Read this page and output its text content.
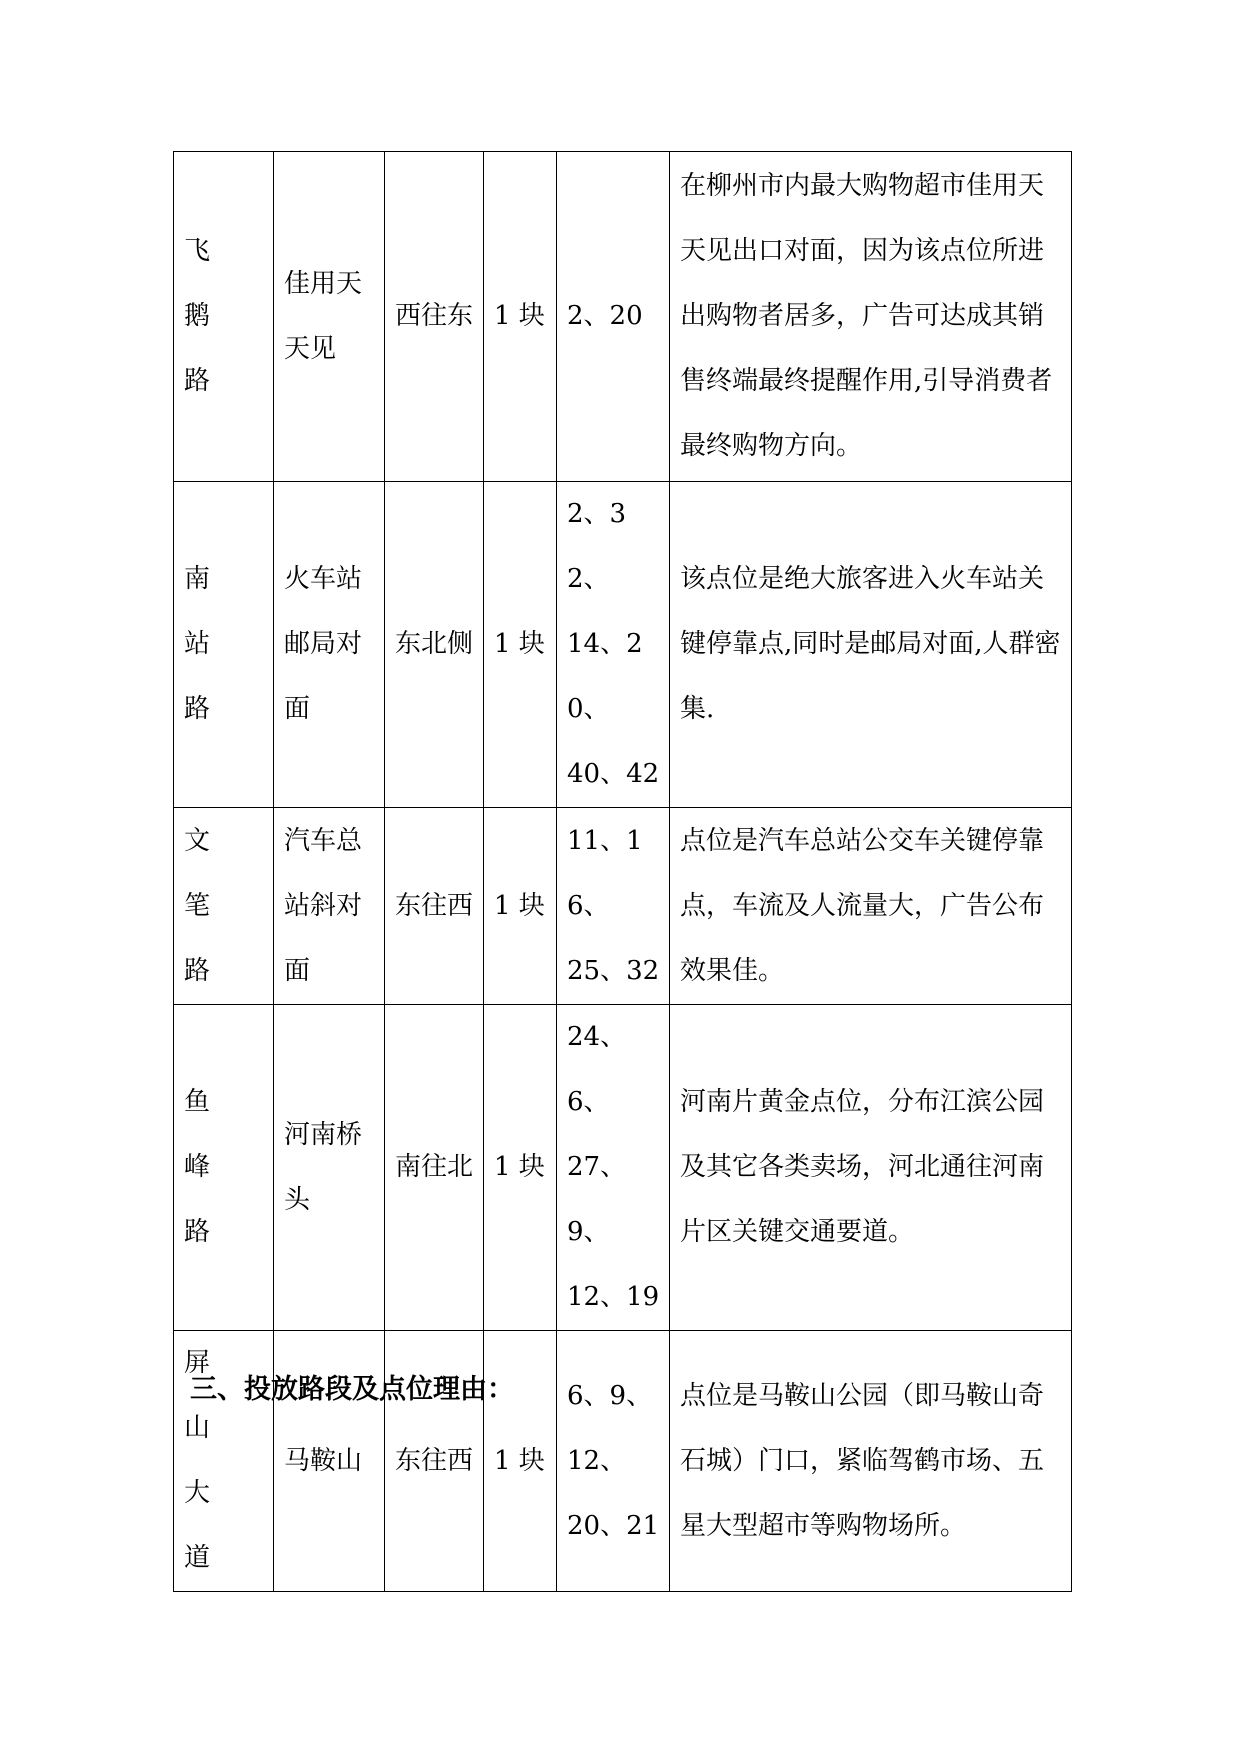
飞鹅路	佳用天天见	西往东	1 块	2、20	在柳州市内最大购物超市佳用天天见出口对面，因为该点位所进出购物者居多，广告可达成其销售终端最终提醒作用,引导消费者最终购物方向。
南站路	火车站邮局对面	东北侧	1 块	2、32、
14、20、
40、42	该点位是绝大旅客进入火车站关键停靠点,同时是邮局对面,人群密集.
文笔路	汽车总站斜对面	东往西	1 块	11、16、
25、32	点位是汽车总站公交车关键停靠点，车流及人流量大，广告公布效果佳。
鱼峰路	河南桥头	南往北	1 块	24、6、
27、9、
12、19	河南片黄金点位，分布江滨公园及其它各类卖场，河北通往河南片区关键交通要道。
屏山大道	马鞍山	东往西	1 块	6、9、12、
20、21	点位是马鞍山公园（即马鞍山奇石城）门口，紧临驾鹤市场、五星大型超市等购物场所。
三、投放路段及点位理由：
